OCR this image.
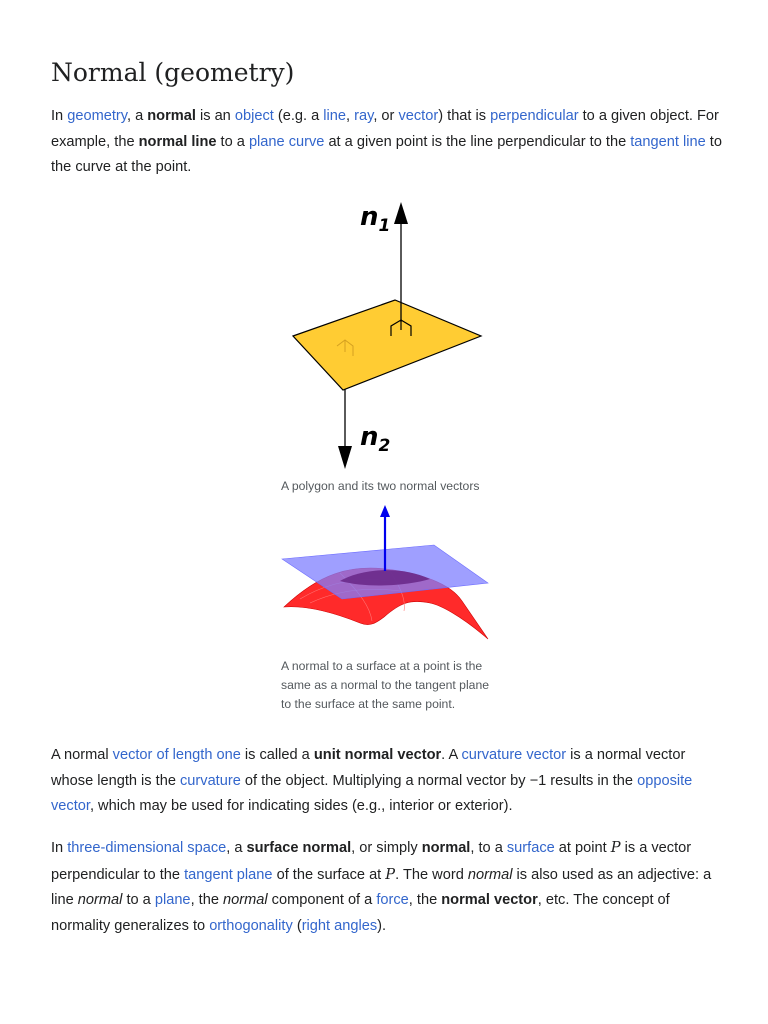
Normal (geometry)

In geometry, a normal is an object (e.g. a line, ray, or vector) that is perpendicular to a given object. For example, the normal line to a plane curve at a given point is the line perpendicular to the tangent line to the curve at the point.

$n_1$
$n_2$
A polygon and its two normal vectors
A normal to a surface at a point is the same as a normal to the tangent plane to the surface at the same point.

A normal vector of length one is called a unit normal vector. A curvature vector is a normal vector whose length is the curvature of the object. Multiplying a normal vector by −1 results in the opposite vector, which may be used for indicating sides (e.g., interior or exterior).

In three-dimensional space, a surface normal, or simply normal, to a surface at point P is a vector perpendicular to the tangent plane of the surface at P. The word normal is also used as an adjective: a line normal to a plane, the normal component of a force, the normal vector, etc. The concept of normality generalizes to orthogonality (right angles).
